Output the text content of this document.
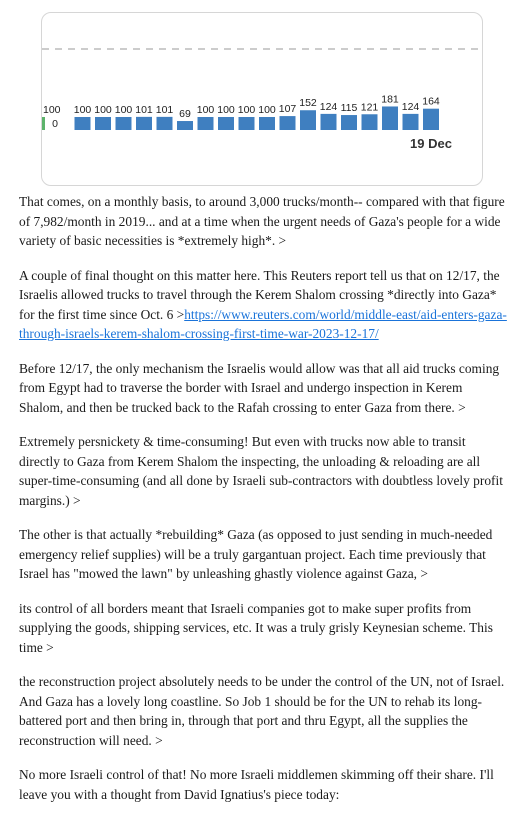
100
0
100 100 100 101 101 69 100 100 100 100 107 152 124 115 121
181
124 164
19 Dec

That comes, on a monthly basis, to around 3,000 trucks/month-- compared with that figure of 7,982/month in 2019... and at a time when the urgent needs of Gaza's people for a wide variety of basic necessities is *extremely high*. >

A couple of final thought on this matter here. This Reuters report tell us that on 12/17, the Israelis allowed trucks to travel through the Kerem Shalom crossing *directly into Gaza* for the first time since Oct. 6 >https://www.reuters.com/world/middle-east/aid-enters-gaza-through-israels-kerem-shalom-crossing-first-time-war-2023-12-17/

Before 12/17, the only mechanism the Israelis would allow was that all aid trucks coming from Egypt had to traverse the border with Israel and undergo inspection in Kerem Shalom, and then be trucked back to the Rafah crossing to enter Gaza from there. >

Extremely persnickety & time-consuming! But even with trucks now able to transit directly to Gaza from Kerem Shalom the inspecting, the unloading & reloading are all super-time-consuming (and all done by Israeli sub-contractors with doubtless lovely profit margins.) >

The other is that actually *rebuilding* Gaza (as opposed to just sending in much-needed emergency relief supplies) will be a truly gargantuan project. Each time previously that Israel has "mowed the lawn" by unleashing ghastly violence against Gaza, >

its control of all borders meant that Israeli companies got to make super profits from supplying the goods, shipping services, etc. It was a truly grisly Keynesian scheme. This time >

the reconstruction project absolutely needs to be under the control of the UN, not of Israel. And Gaza has a lovely long coastline. So Job 1 should be for the UN to rehab its long-battered port and then bring in, through that port and thru Egypt, all the supplies the reconstruction will need. >

No more Israeli control of that! No more Israeli middlemen skimming off their share. I'll leave you with a thought from David Ignatius's piece today:
